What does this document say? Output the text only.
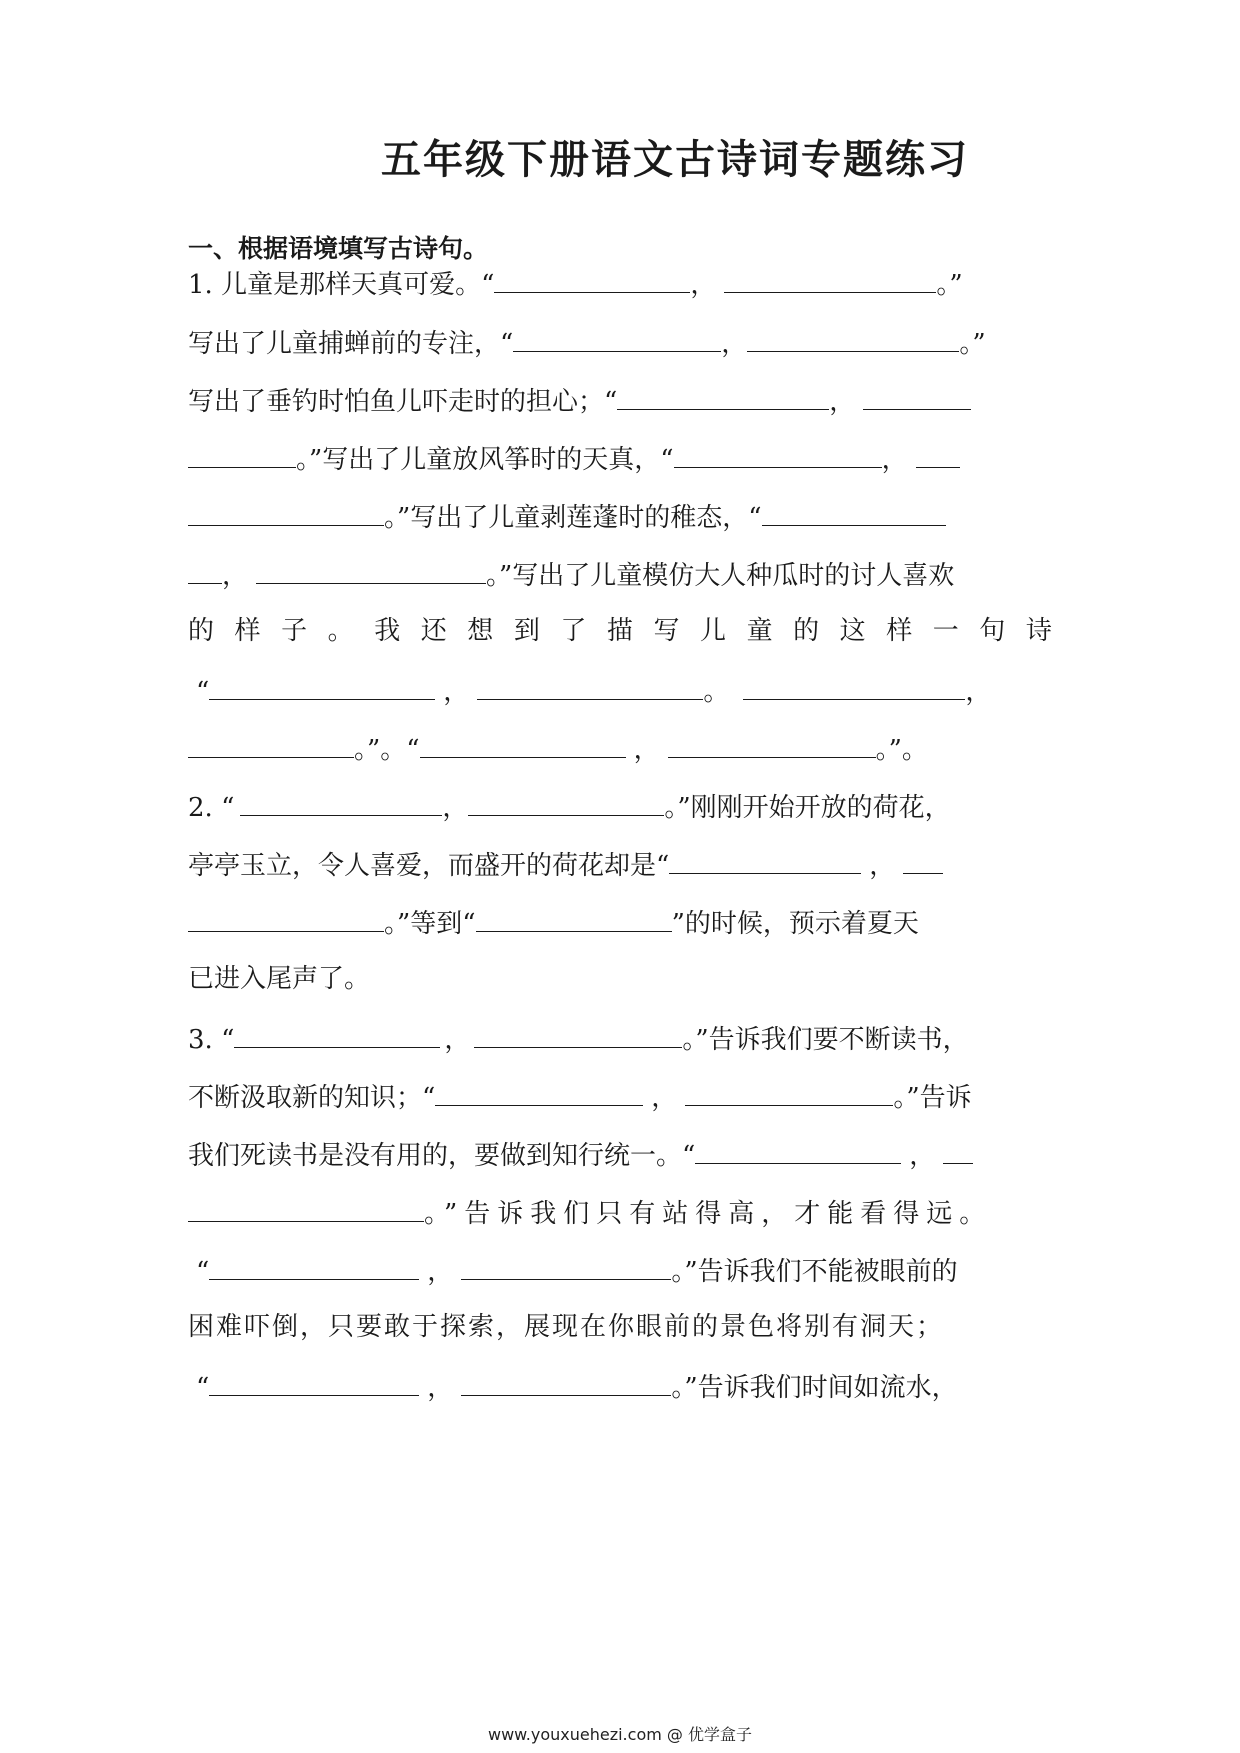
五年级下册语文古诗词专题练习
一、根据语境填写古诗句。
1. 儿童是那样天真可爱。“	，	。”
写出了儿童捕蝉前的专注，“	，	。”
写出了垂钓时怕鱼儿吓走时的担心；“	，
。”写出了儿童放风筝时的天真，“	，
。”写出了儿童剥莲蓬时的稚态，“
，	。”写出了儿童模仿大人种瓜时的讨人喜欢
的 样 子 。 我 还 想 到 了 描 写 儿 童 的 这 样 一 句 诗
“	，	。	，
。”。“	，	。”。
2. “	，	。”刚刚开始开放的荷花，
亭亭玉立，令人喜爱，而盛开的荷花却是“	，
。”等到“	”的时候，预示着夏天
已进入尾声了。
3. “	，	。”告诉我们要不断读书，
不断汲取新的知识；“	，	。”告诉
我们死读书是没有用的，要做到知行统一。“	，
。”告诉我们只有站得高，才能看得远。
“	，	。”告诉我们不能被眼前的
困难吓倒，只要敢于探索，展现在你眼前的景色将别有洞天；
“	，	。”告诉我们时间如流水，
www.youxuehezi.com @ 优学盒子
